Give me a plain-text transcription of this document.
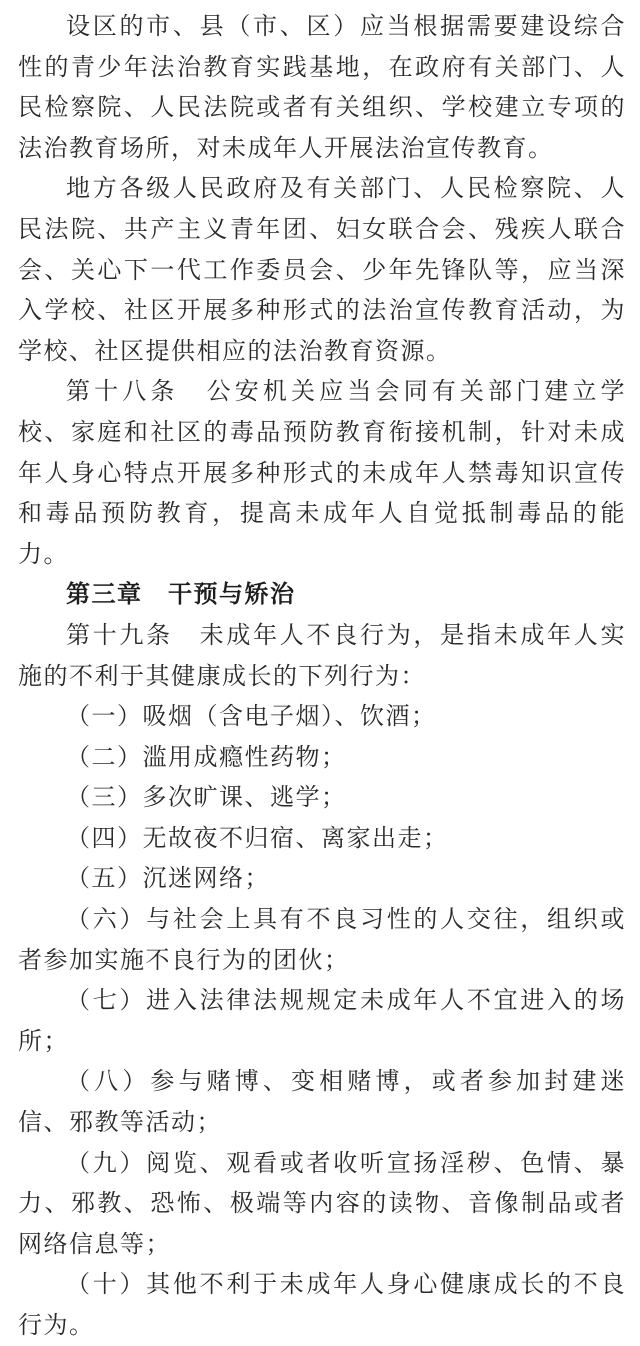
设区的市、县（市、区）应当根据需要建设综合性的青少年法治教育实践基地，在政府有关部门、人民检察院、人民法院或者有关组织、学校建立专项的法治教育场所，对未成年人开展法治宣传教育。

地方各级人民政府及有关部门、人民检察院、人民法院、共产主义青年团、妇女联合会、残疾人联合会、关心下一代工作委员会、少年先锋队等，应当深入学校、社区开展多种形式的法治宣传教育活动，为学校、社区提供相应的法治教育资源。

第十八条　公安机关应当会同有关部门建立学校、家庭和社区的毒品预防教育衔接机制，针对未成年人身心特点开展多种形式的未成年人禁毒知识宣传和毒品预防教育，提高未成年人自觉抵制毒品的能力。

第三章　干预与矫治

第十九条　未成年人不良行为，是指未成年人实施的不利于其健康成长的下列行为：

（一）吸烟（含电子烟）、饮酒；

（二）滥用成瘾性药物；

（三）多次旷课、逃学；

（四）无故夜不归宿、离家出走；

（五）沉迷网络；

（六）与社会上具有不良习性的人交往，组织或者参加实施不良行为的团伙；

（七）进入法律法规规定未成年人不宜进入的场所；

（八）参与赌博、变相赌博，或者参加封建迷信、邪教等活动；

（九）阅览、观看或者收听宣扬淫秽、色情、暴力、邪教、恐怖、极端等内容的读物、音像制品或者网络信息等；

（十）其他不利于未成年人身心健康成长的不良行为。
